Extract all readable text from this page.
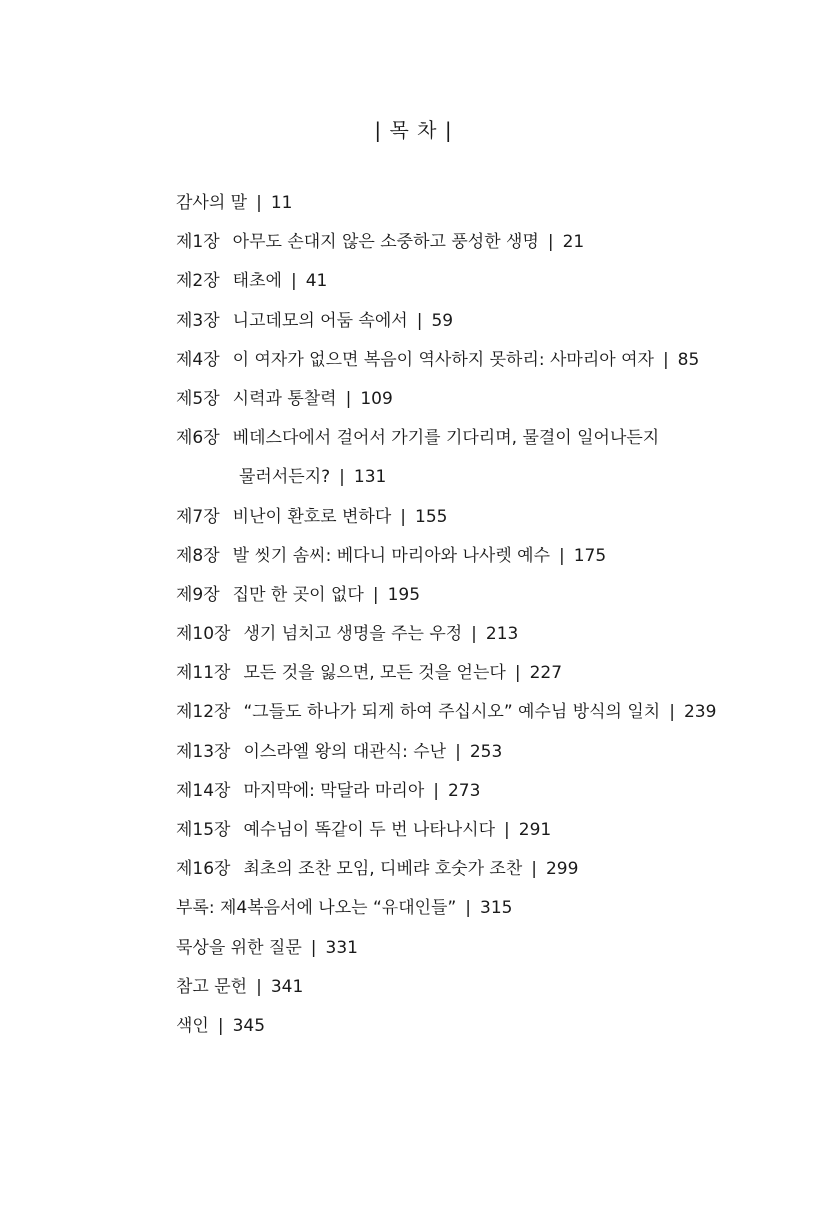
| 목 차 |
감사의 말 | 11
제1장 아무도 손대지 않은 소중하고 풍성한 생명 | 21
제2장 태초에 | 41
제3장 니고데모의 어둠 속에서 | 59
제4장 이 여자가 없으면 복음이 역사하지 못하리: 사마리아 여자 | 85
제5장 시력과 통찰력 | 109
제6장 베데스다에서 걸어서 가기를 기다리며, 물결이 일어나든지
물러서든지? | 131
제7장 비난이 환호로 변하다 | 155
제8장 발 씻기 솜씨: 베다니 마리아와 나사렛 예수 | 175
제9장 집만 한 곳이 없다 | 195
제10장 생기 넘치고 생명을 주는 우정 | 213
제11장 모든 것을 잃으면, 모든 것을 얻는다 | 227
제12장 “그들도 하나가 되게 하여 주십시오” 예수님 방식의 일치 | 239
제13장 이스라엘 왕의 대관식: 수난 | 253
제14장 마지막에: 막달라 마리아 | 273
제15장 예수님이 똑같이 두 번 나타나시다 | 291
제16장 최초의 조찬 모임, 디베랴 호숫가 조찬 | 299
부록: 제4복음서에 나오는 “유대인들” | 315
묵상을 위한 질문 | 331
참고 문헌 | 341
색인 | 345
